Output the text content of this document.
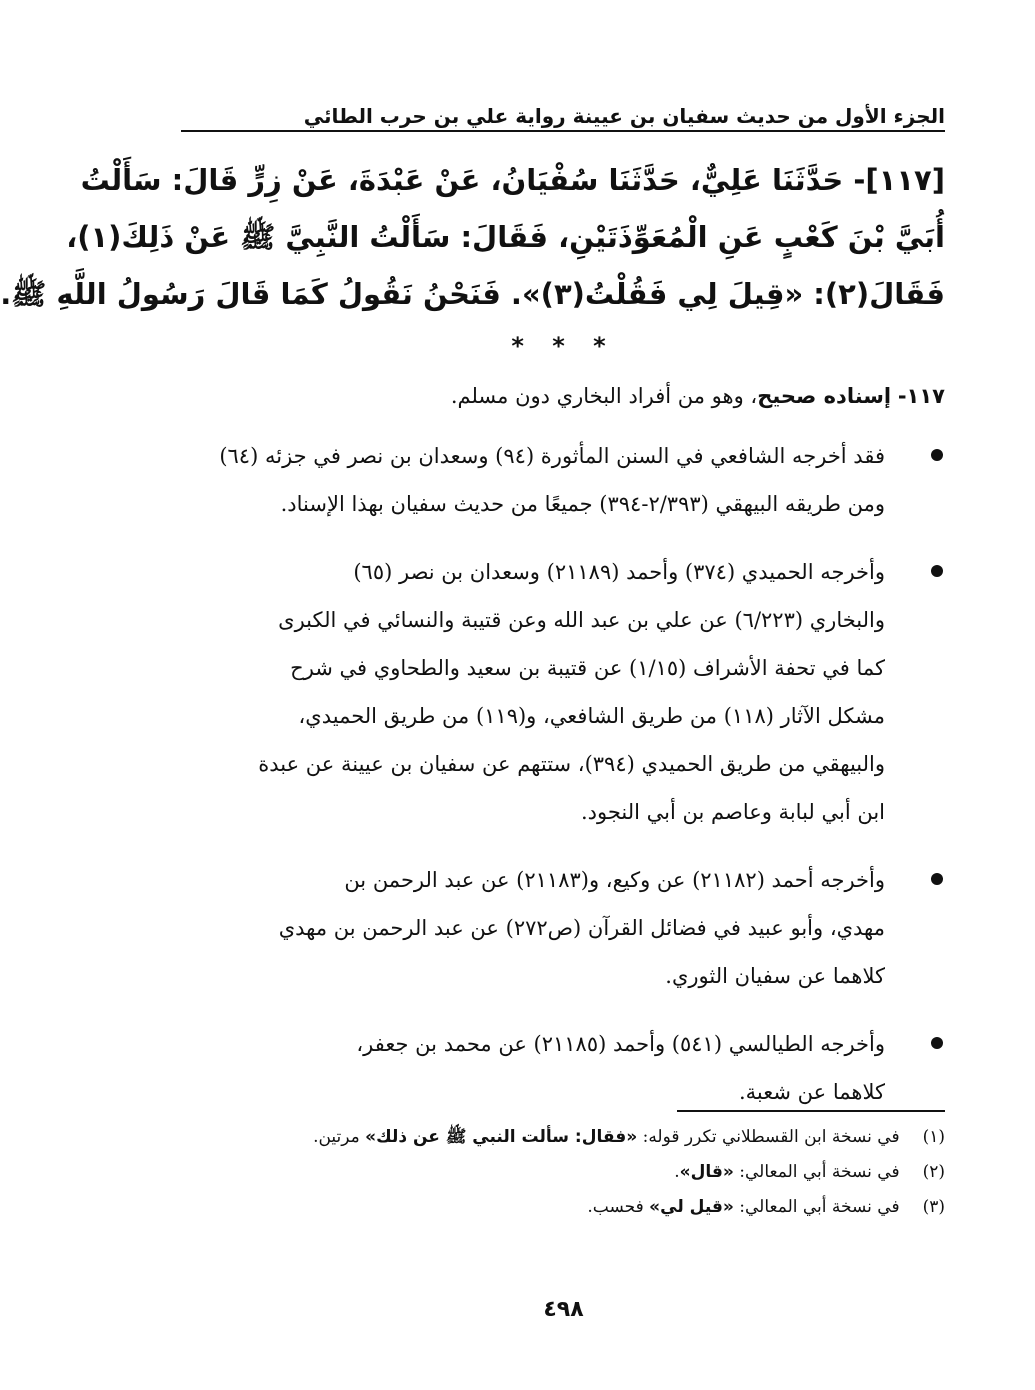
الجزء الأول من حديث سفيان بن عيينة رواية علي بن حرب الطائي
[١١٧]- حَدَّثَنَا عَلِيٌّ، حَدَّثَنَا سُفْيَانُ، عَنْ عَبْدَةَ، عَنْ زِرٍّ قَالَ: سَأَلْتُ
أُبَيَّ بْنَ كَعْبٍ عَنِ الْمُعَوِّذَتَيْنِ، فَقَالَ: سَأَلْتُ النَّبِيَّ ﷺ عَنْ ذَلِكَ(١)،
فَقَالَ(٢): «قِيلَ لِي فَقُلْتُ(٣)». فَنَحْنُ نَقُولُ كَمَا قَالَ رَسُولُ اللَّهِ ﷺ.
* * *
١١٧- إسناده صحيح، وهو من أفراد البخاري دون مسلم.
فقد أخرجه الشافعي في السنن المأثورة (٩٤) وسعدان بن نصر في جزئه (٦٤)
ومن طريقه البيهقي (٢/٣٩٣-٣٩٤) جميعًا من حديث سفيان بهذا الإسناد.
وأخرجه الحميدي (٣٧٤) وأحمد (٢١١٨٩) وسعدان بن نصر (٦٥)
والبخاري (٦/٢٢٣) عن علي بن عبد الله وعن قتيبة والنسائي في الكبرى
كما في تحفة الأشراف (١/١٥) عن قتيبة بن سعيد والطحاوي في شرح
مشكل الآثار (١١٨) من طريق الشافعي، و(١١٩) من طريق الحميدي،
والبيهقي من طريق الحميدي (٣٩٤)، ستتهم عن سفيان بن عيينة عن عبدة
ابن أبي لبابة وعاصم بن أبي النجود.
وأخرجه أحمد (٢١١٨٢) عن وكيع، و(٢١١٨٣) عن عبد الرحمن بن
مهدي، وأبو عبيد في فضائل القرآن (ص٢٧٢) عن عبد الرحمن بن مهدي
كلاهما عن سفيان الثوري.
وأخرجه الطيالسي (٥٤١) وأحمد (٢١١٨٥) عن محمد بن جعفر،
كلاهما عن شعبة.
(١) في نسخة ابن القسطلاني تكرر قوله: «فقال: سألت النبي ﷺ عن ذلك» مرتين.
(٢) في نسخة أبي المعالي: «قال».
(٣) في نسخة أبي المعالي: «قيل لي» فحسب.
٤٩٨
